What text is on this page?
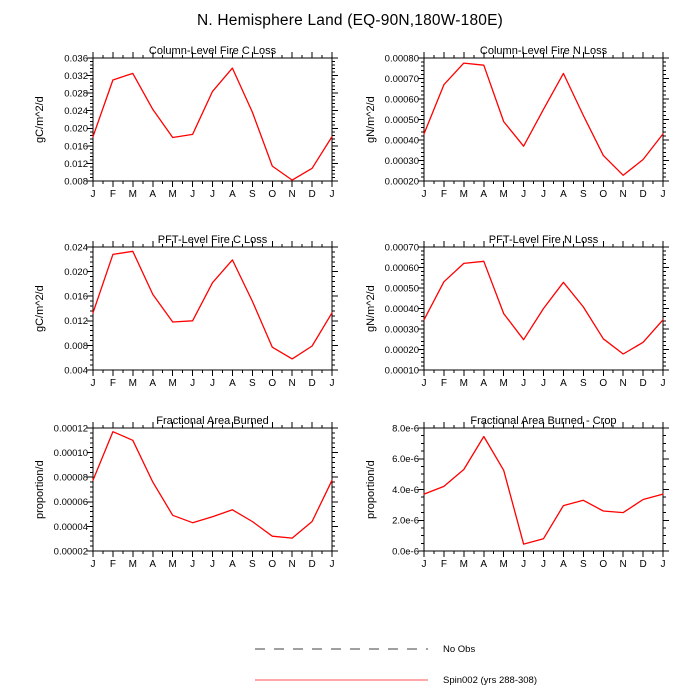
N. Hemisphere Land (EQ-90N,180W-180E)
Column-Level Fire C Loss
gC/m^2/d
J F M A M J J A S O N D J
0.008
0.012
0.016
0.020
0.024
0.028
0.032
0.036
Column-Level Fire N Loss
gN/m^2/d
J F M A M J J A S O N D J
0.00020
0.00030
0.00040
0.00050
0.00060
0.00070
0.00080
PFT-Level Fire C Loss
gC/m^2/d
J F M A M J J A S O N D J
0.004
0.008
0.012
0.016
0.020
0.024
PFT-Level Fire N Loss
gN/m^2/d
J F M A M J J A S O N D J
0.00010
0.00020
0.00030
0.00040
0.00050
0.00060
0.00070
Fractional Area Burned
proportion/d
J F M A M J J A S O N D J
0.00002
0.00004
0.00006
0.00008
0.00010
0.00012
Fractional Area Burned - Crop
proportion/d
J F M A M J J A S O N D J
0.0e-6
2.0e-6
4.0e-6
6.0e-6
8.0e-6
No Obs
Spin002 (yrs 288-308)
